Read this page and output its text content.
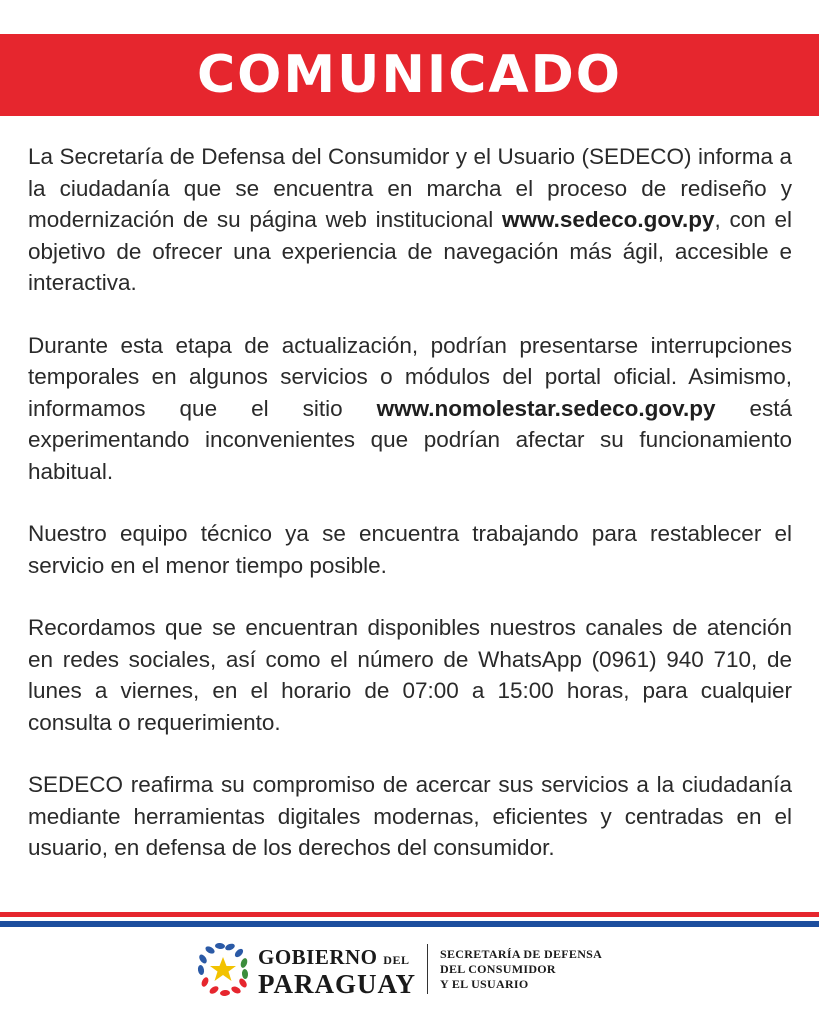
COMUNICADO

La Secretaría de Defensa del Consumidor y el Usuario (SEDECO) informa a la ciudadanía que se encuentra en marcha el proceso de rediseño y modernización de su página web institucional www.sedeco.gov.py, con el objetivo de ofrecer una experiencia de navegación más ágil, accesible e interactiva.

Durante esta etapa de actualización, podrían presentarse interrupciones temporales en algunos servicios o módulos del portal oficial. Asimismo, informamos que el sitio www.nomolestar.sedeco.gov.py está experimentando inconvenientes que podrían afectar su funcionamiento habitual.

Nuestro equipo técnico ya se encuentra trabajando para restablecer el servicio en el menor tiempo posible.

Recordamos que se encuentran disponibles nuestros canales de atención en redes sociales, así como el número de WhatsApp (0961) 940 710, de lunes a viernes, en el horario de 07:00 a 15:00 horas, para cualquier consulta o requerimiento.

SEDECO reafirma su compromiso de acercar sus servicios a la ciudadanía mediante herramientas digitales modernas, eficientes y centradas en el usuario, en defensa de los derechos del consumidor.

GOBIERNO DEL
PARAGUAY
SECRETARÍA DE DEFENSA
DEL CONSUMIDOR
Y EL USUARIO
